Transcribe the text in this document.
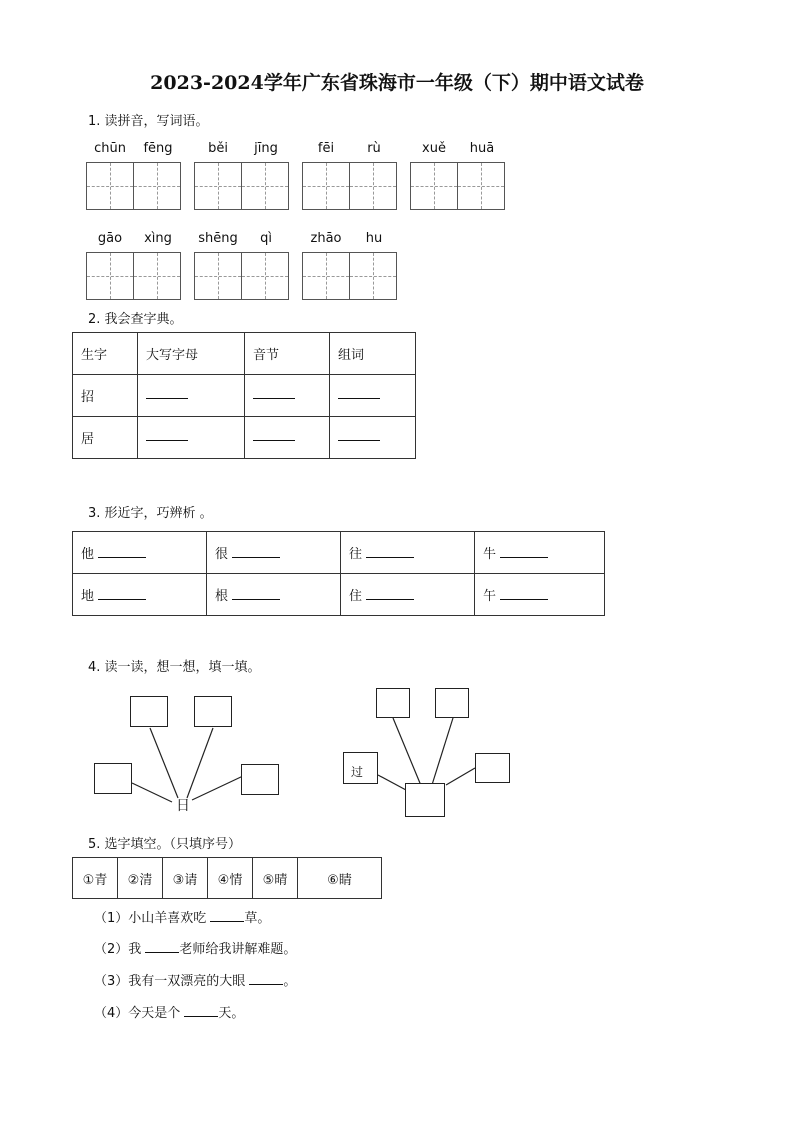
2023-2024学年广东省珠海市一年级（下）期中语文试卷
1. 读拼音，写词语。
chūn	fēng	běi	jīng	fēi	rù	xuě	huā
gāo	xìng	shēng	qì	zhāo	hu
2. 我会查字典。
生字	大写字母	音节	组词
招			
居			
3. 形近字，巧辨析 。
他	很	往	牛
地	根	住	午
4. 读一读，想一想，填一填。
日
过
5. 选字填空。（只填序号）
①青	②清	③请	④情	⑤晴	⑥睛
（1）小山羊喜欢吃	草。
（2）我	老师给我讲解难题。
（3）我有一双漂亮的大眼	。
（4）今天是个	天。
